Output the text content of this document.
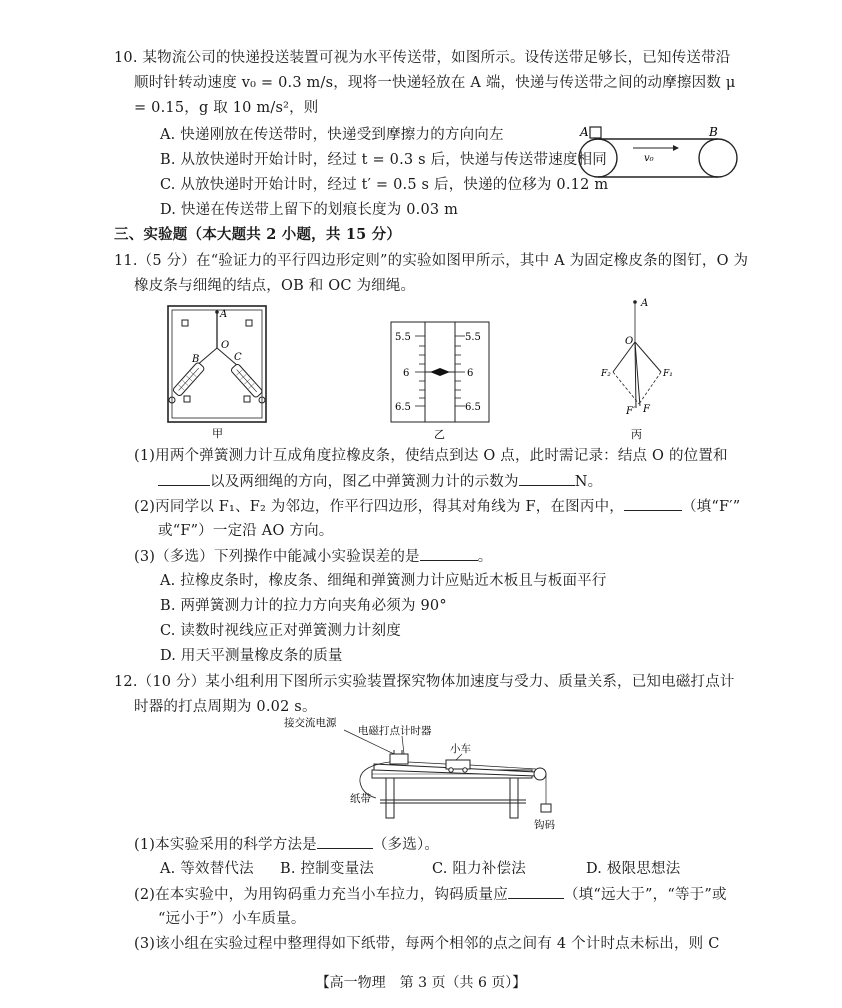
10. 某物流公司的快递投送装置可视为水平传送带，如图所示。设传送带足够长，已知传送带沿
顺时针转动速度 v₀ = 0.3 m/s，现将一快递轻放在 A 端，快递与传送带之间的动摩擦因数 μ
= 0.15，g 取 10 m/s²，则
A. 快递刚放在传送带时，快递受到摩擦力的方向向左
B. 从放快递时开始计时，经过 t = 0.3 s 后，快递与传送带速度相同
C. 从放快递时开始计时，经过 t′ = 0.5 s 后，快递的位移为 0.12 m
D. 快递在传送带上留下的划痕长度为 0.03 m
A	B
v₀
三、实验题（本大题共 2 小题，共 15 分）
11.（5 分）在“验证力的平行四边形定则”的实验如图甲所示，其中 A 为固定橡皮条的图钉，O 为
橡皮条与细绳的结点，OB 和 OC 为细绳。
A
O
B	C
甲
5.5
6
6.5
5.5
6
6.5
乙
A
O
F₂	F₁
F′ F
丙
(1)用两个弹簧测力计互成角度拉橡皮条，使结点到达 O 点，此时需记录：结点 O 的位置和
以及两细绳的方向，图乙中弹簧测力计的示数为	N。
(2)丙同学以 F₁、F₂ 为邻边，作平行四边形，得其对角线为 F，在图丙中，	（填“F′”
或“F”）一定沿 AO 方向。
(3)（多选）下列操作中能减小实验误差的是	。
A. 拉橡皮条时，橡皮条、细绳和弹簧测力计应贴近木板且与板面平行
B. 两弹簧测力计的拉力方向夹角必须为 90°
C. 读数时视线应正对弹簧测力计刻度
D. 用天平测量橡皮条的质量
12.（10 分）某小组利用下图所示实验装置探究物体加速度与受力、质量关系，已知电磁打点计
时器的打点周期为 0.02 s。
接交流电源
电磁打点计时器
小车
纸带
钩码
(1)本实验采用的科学方法是	（多选）。
A. 等效替代法 B. 控制变量法	C. 阻力补偿法	D. 极限思想法
(2)在本实验中，为用钩码重力充当小车拉力，钩码质量应	（填“远大于”，“等于”或
“远小于”）小车质量。
(3)该小组在实验过程中整理得如下纸带，每两个相邻的点之间有 4 个计时点未标出，则 C
【高一物理　第 3 页（共 6 页）】
